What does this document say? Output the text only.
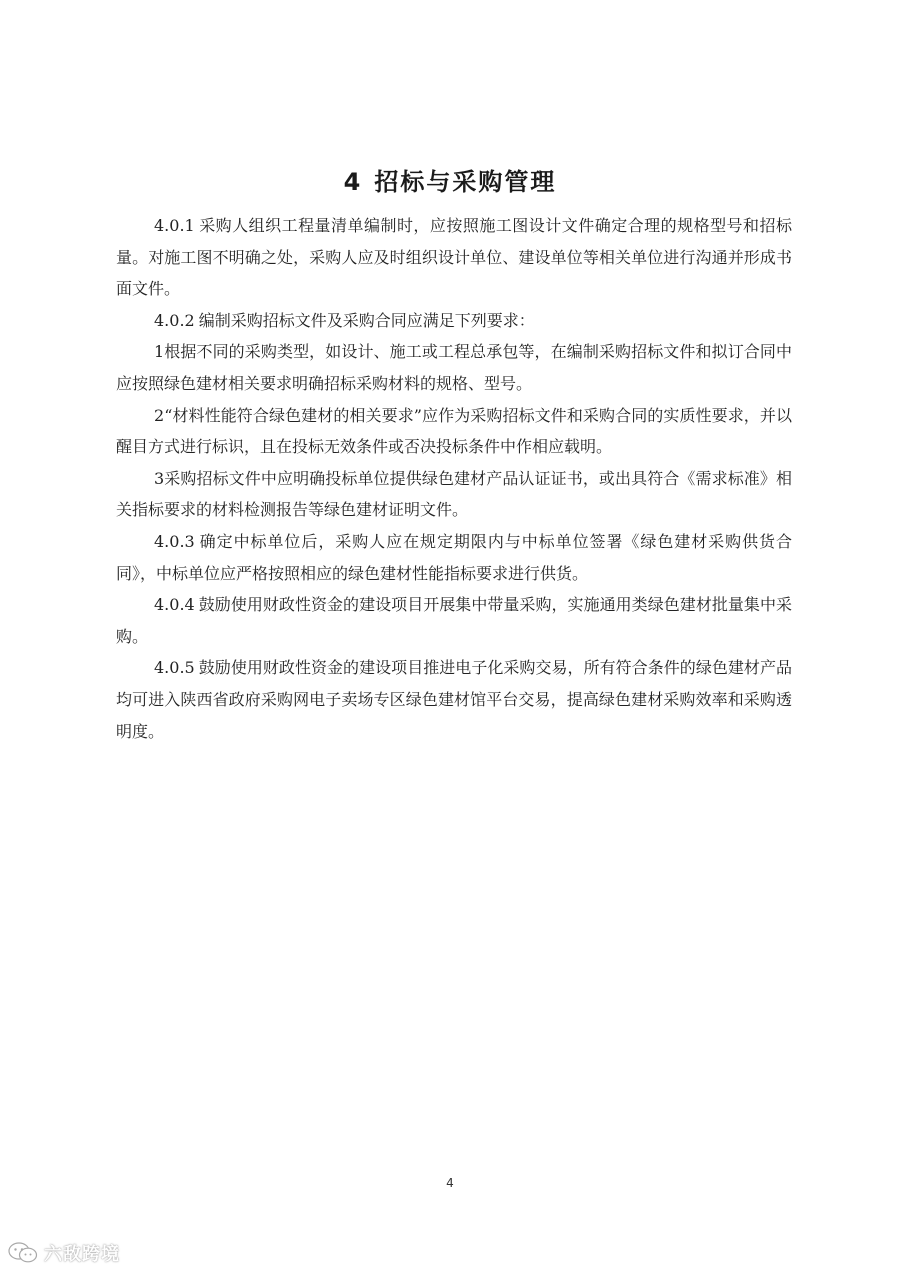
4 招标与采购管理

4.0.1 采购人组织工程量清单编制时，应按照施工图设计文件确定合理的规格型号和招标量。对施工图不明确之处，采购人应及时组织设计单位、建设单位等相关单位进行沟通并形成书面文件。

4.0.2 编制采购招标文件及采购合同应满足下列要求：

1根据不同的采购类型，如设计、施工或工程总承包等，在编制采购招标文件和拟订合同中应按照绿色建材相关要求明确招标采购材料的规格、型号。

2“材料性能符合绿色建材的相关要求”应作为采购招标文件和采购合同的实质性要求，并以醒目方式进行标识，且在投标无效条件或否决投标条件中作相应载明。

3采购招标文件中应明确投标单位提供绿色建材产品认证证书，或出具符合《需求标准》相关指标要求的材料检测报告等绿色建材证明文件。

4.0.3 确定中标单位后，采购人应在规定期限内与中标单位签署《绿色建材采购供货合同》，中标单位应严格按照相应的绿色建材性能指标要求进行供货。

4.0.4 鼓励使用财政性资金的建设项目开展集中带量采购，实施通用类绿色建材批量集中采购。

4.0.5 鼓励使用财政性资金的建设项目推进电子化采购交易，所有符合条件的绿色建材产品均可进入陕西省政府采购网电子卖场专区绿色建材馆平台交易，提高绿色建材采购效率和采购透明度。

4
六敌跨境
